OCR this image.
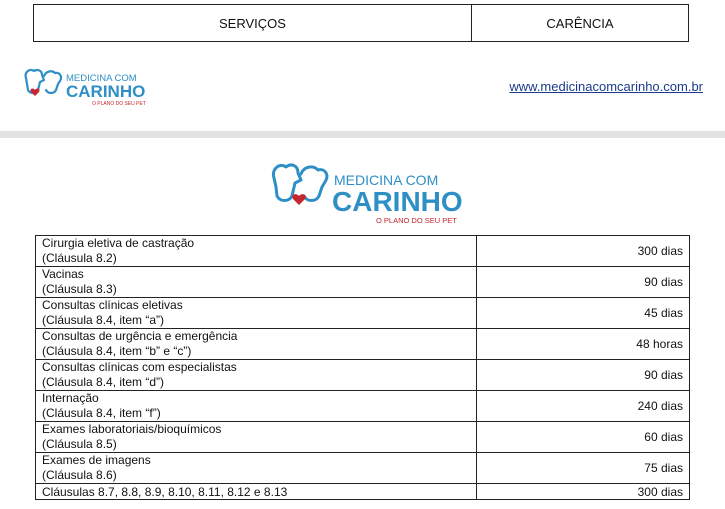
SERVIÇOS	CARÊNCIA
MEDICINA COM
CARINHO
O PLANO DO SEU PET
www.medicinacomcarinho.com.br
MEDICINA COM
CARINHO
O PLANO DO SEU PET
Cirurgia eletiva de castração
(Cláusula 8.2)	300 dias

Vacinas
(Cláusula 8.3)	90 dias

Consultas clínicas eletivas
(Cláusula 8.4, item “a”)	45 dias

Consultas de urgência e emergência
(Cláusula 8.4, item “b” e “c”)	48 horas

Consultas clínicas com especialistas
(Cláusula 8.4, item “d”)	90 dias

Internação
(Cláusula 8.4, item “f”)	240 dias

Exames laboratoriais/bioquímicos
(Cláusula 8.5)	60 dias

Exames de imagens
(Cláusula 8.6)	75 dias
Cláusulas 8.7, 8.8, 8.9, 8.10, 8.11, 8.12 e 8.13	300 dias
